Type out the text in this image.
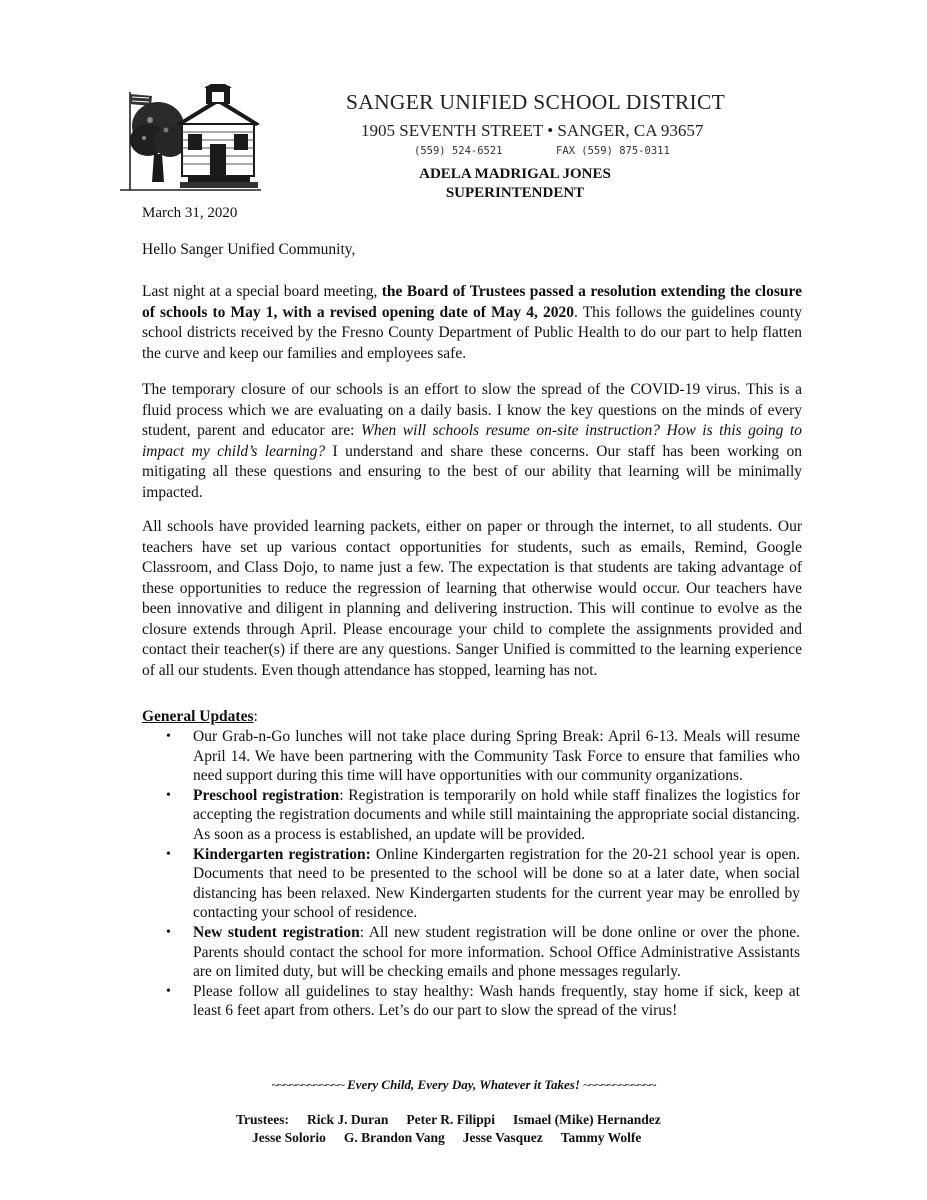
SANGER UNIFIED SCHOOL DISTRICT
1905 SEVENTH STREET • SANGER, CA 93657
(559) 524-6521	FAX (559) 875-0311
ADELA MADRIGAL JONES
SUPERINTENDENT
March 31, 2020
Hello Sanger Unified Community,

Last night at a special board meeting, the Board of Trustees passed a resolution extending the closure of schools to May 1, with a revised opening date of May 4, 2020. This follows the guidelines county school districts received by the Fresno County Department of Public Health to do our part to help flatten the curve and keep our families and employees safe.

The temporary closure of our schools is an effort to slow the spread of the COVID-19 virus. This is a fluid process which we are evaluating on a daily basis. I know the key questions on the minds of every student, parent and educator are: When will schools resume on-site instruction? How is this going to impact my child’s learning? I understand and share these concerns. Our staff has been working on mitigating all these questions and ensuring to the best of our ability that learning will be minimally impacted.

All schools have provided learning packets, either on paper or through the internet, to all students. Our teachers have set up various contact opportunities for students, such as emails, Remind, Google Classroom, and Class Dojo, to name just a few. The expectation is that students are taking advantage of these opportunities to reduce the regression of learning that otherwise would occur. Our teachers have been innovative and diligent in planning and delivering instruction. This will continue to evolve as the closure extends through April. Please encourage your child to complete the assignments provided and contact their teacher(s) if there are any questions. Sanger Unified is committed to the learning experience of all our students. Even though attendance has stopped, learning has not.

General Updates:
• Our Grab-n-Go lunches will not take place during Spring Break: April 6-13. Meals will resume April 14. We have been partnering with the Community Task Force to ensure that families who need support during this time will have opportunities with our community organizations.
• Preschool registration: Registration is temporarily on hold while staff finalizes the logistics for accepting the registration documents and while still maintaining the appropriate social distancing. As soon as a process is established, an update will be provided.
• Kindergarten registration: Online Kindergarten registration for the 20-21 school year is open. Documents that need to be presented to the school will be done so at a later date, when social distancing has been relaxed. New Kindergarten students for the current year may be enrolled by contacting your school of residence.
• New student registration: All new student registration will be done online or over the phone. Parents should contact the school for more information. School Office Administrative Assistants are on limited duty, but will be checking emails and phone messages regularly.
• Please follow all guidelines to stay healthy: Wash hands frequently, stay home if sick, keep at least 6 feet apart from others. Let’s do our part to slow the spread of the virus!
~~~~~~~~~~~~ Every Child, Every Day, Whatever it Takes! ~~~~~~~~~~~~
Trustees: Rick J. Duran Peter R. Filippi Ismael (Mike) Hernandez
Jesse Solorio G. Brandon Vang Jesse Vasquez Tammy Wolfe
